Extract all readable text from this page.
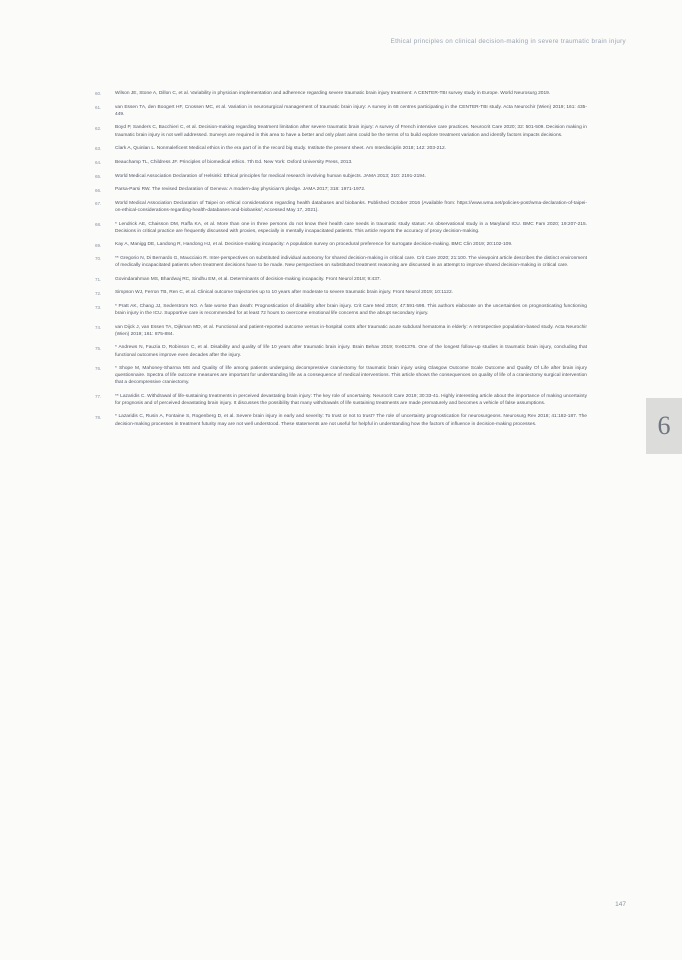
Ethical principles on clinical decision-making in severe traumatic brain injury
6
60.	Wilson JE, Stone A, Dillon C, et al. Variability in physician implementation and adherence regarding severe traumatic brain injury treatment: A CENTER-TBI survey study in Europe. World Neurosurg 2019.
61.	van Essen TA, den Boogert HF, Cnossen MC, et al. Variation in neurosurgical management of traumatic brain injury: A survey in 68 centres participating in the CENTER-TBI study. Acta Neurochir (Wien) 2019; 161: 435-449.
62.	Boyd P, Sanders C, Bacchieri C, et al. Decision-making regarding treatment limitation after severe traumatic brain injury: A survey of French intensive care practices. Neurocrit Care 2020; 32: 501-509. Decision making in traumatic brain injury is not well addressed. Surveys are required in this area to have a better and only plant aims could be the terms of to build explore treatment variation and identify factors impacts decisions.
63.	Clark A, Quinlan L. Nonmaleficent Medical ethics in the era part of in the record big study. Institute the present sheet. Am Interdisciplin 2018; 142: 203-212.
64.	Beauchamp TL, Childress JF. Principles of biomedical ethics. 7th Ed. New York: Oxford University Press, 2013.
65.	World Medical Association Declaration of Helsinki: Ethical principles for medical research involving human subjects. JAMA 2013; 310: 2191-2194.
66.	Parsa-Parsi RW. The revised Declaration of Geneva: A modern-day physician's pledge. JAMA 2017; 318: 1971-1972.
67.	World Medical Association Declaration of Taipei on ethical considerations regarding health databases and biobanks. Published October 2016 (Available from: https://www.wma.net/policies-post/wma-declaration-of-taipei-on-ethical-considerations-regarding-health-databases-and-biobanks/; Accessed May 17, 2021).
68.	* Lendrick AE, Chaisson DM, Raffa KA, et al. More than one in three persons do not know their health care needs in traumatic study status: An observational study in a Maryland ICU. BMC Fam 2020; 19:207-215. Decisions in critical practice are frequently discussed with proxies, especially in mentally incapacitated patients. This article reports the accuracy of proxy decision-making.
69.	Kay A, Manigg DE, Landong R, Handong HJ, et al. Decision-making incapacity: A population survey on procedural preference for surrogate decision-making. BMC Clin 2019; 20:102-109.
70.	** Gregorio N, Di Bernardo G, Maucciaio R. Inter-perspectives on substituted individual autonomy for shared decision-making in critical care. Crit Care 2020; 21:100. The viewpoint article describes the distinct environment of medically incapacitated patients when treatment decisions have to be made. New perspectives on substituted treatment reasoning are discussed in an attempt to improve shared decision-making in critical care.
71.	Govindarahman MS, Bhardwaj RC, Sindhu EM, et al. Determinants of decision-making incapacity. Front Neurol 2018; 9:437.
72.	Simpson WJ, Ferron TB, Ren C, et al. Clinical outcome trajectories up to 10 years after moderate to severe traumatic brain injury. Front Neurol 2019; 10:1122.
73.	* Pratt AK, Chang JJ, Sederstrom NO. A fate worse than death: Prognostication of disability after brain injury. Crit Care Med 2019; 47:591-598. This authors elaborate on the uncertainties on prognosticating functioning brain injury in the ICU. Supportive care is recommended for at least 72 hours to overcome emotional life concerns and the abrupt secondary injury.
74.	van Dijck J, van Essen TA, Dijkman MD, et al. Functional and patient-reported outcome versus in-hospital costs after traumatic acute subdural hematoma in elderly: A retrospective population-based study. Acta Neurochir (Wien) 2019; 161: 875-884.
75.	* Andrews N, Fauzia D, Robinson C, et al. Disability and quality of life 10 years after traumatic brain injury. Brain Behav 2019; 9:e01376. One of the longest follow-up studies in traumatic brain injury, concluding that functional outcomes improve even decades after the injury.
76.	* Shope M, Mahoney-Sharma MS and Quality of life among patients undergoing decompressive craniectomy for traumatic brain injury using Glasgow Outcome Scale Outcome and Quality Of Life after brain injury questionnaire. Spectra of life outcome measures are important for understanding life as a consequence of medical interventions. This article shows the consequences on quality of life of a craniectomy surgical intervention that a decompressive craniectomy.
77.	** Lazaridis C. Withdrawal of life-sustaining treatments in perceived devastating brain injury: The key role of uncertainty. Neurocrit Care 2019; 30:33-41. Highly interesting article about the importance of making uncertainty for prognosis and of perceived devastating brain injury. It discusses the possibility that many withdrawals of life sustaining treatments are made prematurely and becomes a vehicle of false assumptions.
78.	* Lazaridis C, Rusin A, Fontaine S, Rogenberg D, et al. Severe brain injury in early and severity: To trust or not to trust? The role of uncertainty prognostication for neurosurgeons. Neurosurg Rev 2018; 41:182-187. The decision-making processes in treatment futurity may are not well understood. These statements are not useful for helpful in understanding how the factors of influence in decision-making processes.
147
